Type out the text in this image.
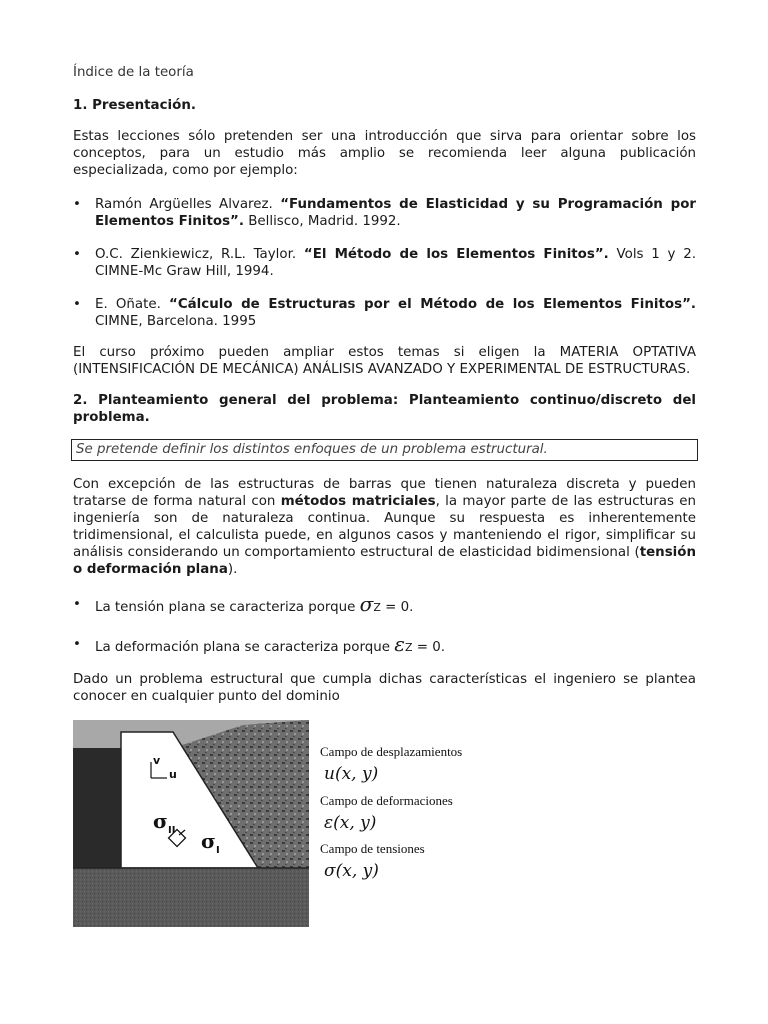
Índice de la teoría
1. Presentación.

Estas lecciones sólo pretenden ser una introducción que sirva para orientar sobre los conceptos, para un estudio más amplio se recomienda leer alguna publicación especializada, como por ejemplo:

•	Ramón Argüelles Alvarez. “Fundamentos de Elasticidad y su Programación por Elementos Finitos”. Bellisco, Madrid. 1992.
•	O.C. Zienkiewicz, R.L. Taylor. “El Método de los Elementos Finitos”. Vols 1 y 2. CIMNE-Mc Graw Hill, 1994.
•	E. Oñate. “Cálculo de Estructuras por el Método de los Elementos Finitos”. CIMNE, Barcelona. 1995

El curso próximo pueden ampliar estos temas si eligen la MATERIA OPTATIVA (INTENSIFICACIÓN DE MECÁNICA) ANÁLISIS AVANZADO Y EXPERIMENTAL DE ESTRUCTURAS.

2. Planteamiento general del problema: Planteamiento continuo/discreto del problema.
Se pretende definir los distintos enfoques de un problema estructural.

Con excepción de las estructuras de barras que tienen naturaleza discreta y pueden tratarse de forma natural con métodos matriciales, la mayor parte de las estructuras en ingeniería son de naturaleza continua. Aunque su respuesta es inherentemente tridimensional, el calculista puede, en algunos casos y manteniendo el rigor, simplificar su análisis considerando un comportamiento estructural de elasticidad bidimensional (tensión o deformación plana).

•	La tensión plana se caracteriza porque σZ = 0.
•	La deformación plana se caracteriza porque εZ = 0.

Dado un problema estructural que cumpla dichas características el ingeniero se plantea conocer en cualquier punto del dominio

v
u
σ II σ I
Campo de desplazamientos
u(x, y)
Campo de deformaciones
ε(x, y)
Campo de tensiones
σ(x, y)
